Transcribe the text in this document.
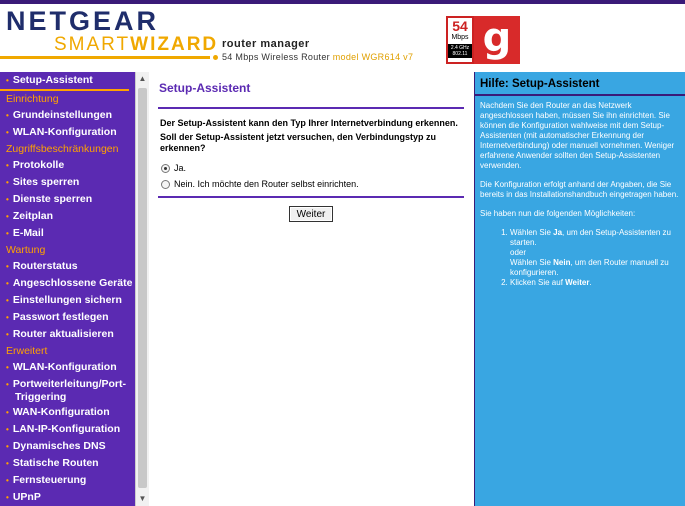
NETGEAR
SMARTWIZARD router manager
54 Mbps Wireless Router model WGR614 v7
54
Mbps
2.4 GHz 802.11 g
• Setup-Assistent
Einrichtung
• Grundeinstellungen
• WLAN-Konfiguration
Zugriffsbeschränkungen
• Protokolle
• Sites sperren
• Dienste sperren
• Zeitplan
• E-Mail
Wartung
• Routerstatus
• Angeschlossene Geräte
• Einstellungen sichern
• Passwort festlegen
• Router aktualisieren
Erweitert
• WLAN-Konfiguration
• Portweiterleitung/Port-Triggering
• WAN-Konfiguration
• LAN-IP-Konfiguration
• Dynamisches DNS
• Statische Routen
• Fernsteuerung
• UPnP
▲
▼
Setup-Assistent
Der Setup-Assistent kann den Typ Ihrer Internetverbindung erkennen.
Soll der Setup-Assistent jetzt versuchen, den Verbindungstyp zu erkennen?
Ja.
Nein. Ich möchte den Router selbst einrichten.
Weiter
Hilfe: Setup-Assistent

Nachdem Sie den Router an das Netzwerk angeschlossen haben, müssen Sie ihn einrichten. Sie können die Konfiguration wahlweise mit dem Setup-Assistenten (mit automatischer Erkennung der Internetverbindung) oder manuell vornehmen. Weniger erfahrene Anwender sollten den Setup-Assistenten verwenden.

Die Konfiguration erfolgt anhand der Angaben, die Sie bereits in das Installationshandbuch eingetragen haben.

Sie haben nun die folgenden Möglichkeiten:

1. Wählen Sie Ja, um den Setup-Assistenten zu starten.
oder
Wählen Sie Nein, um den Router manuell zu konfigurieren.
2. Klicken Sie auf Weiter.
